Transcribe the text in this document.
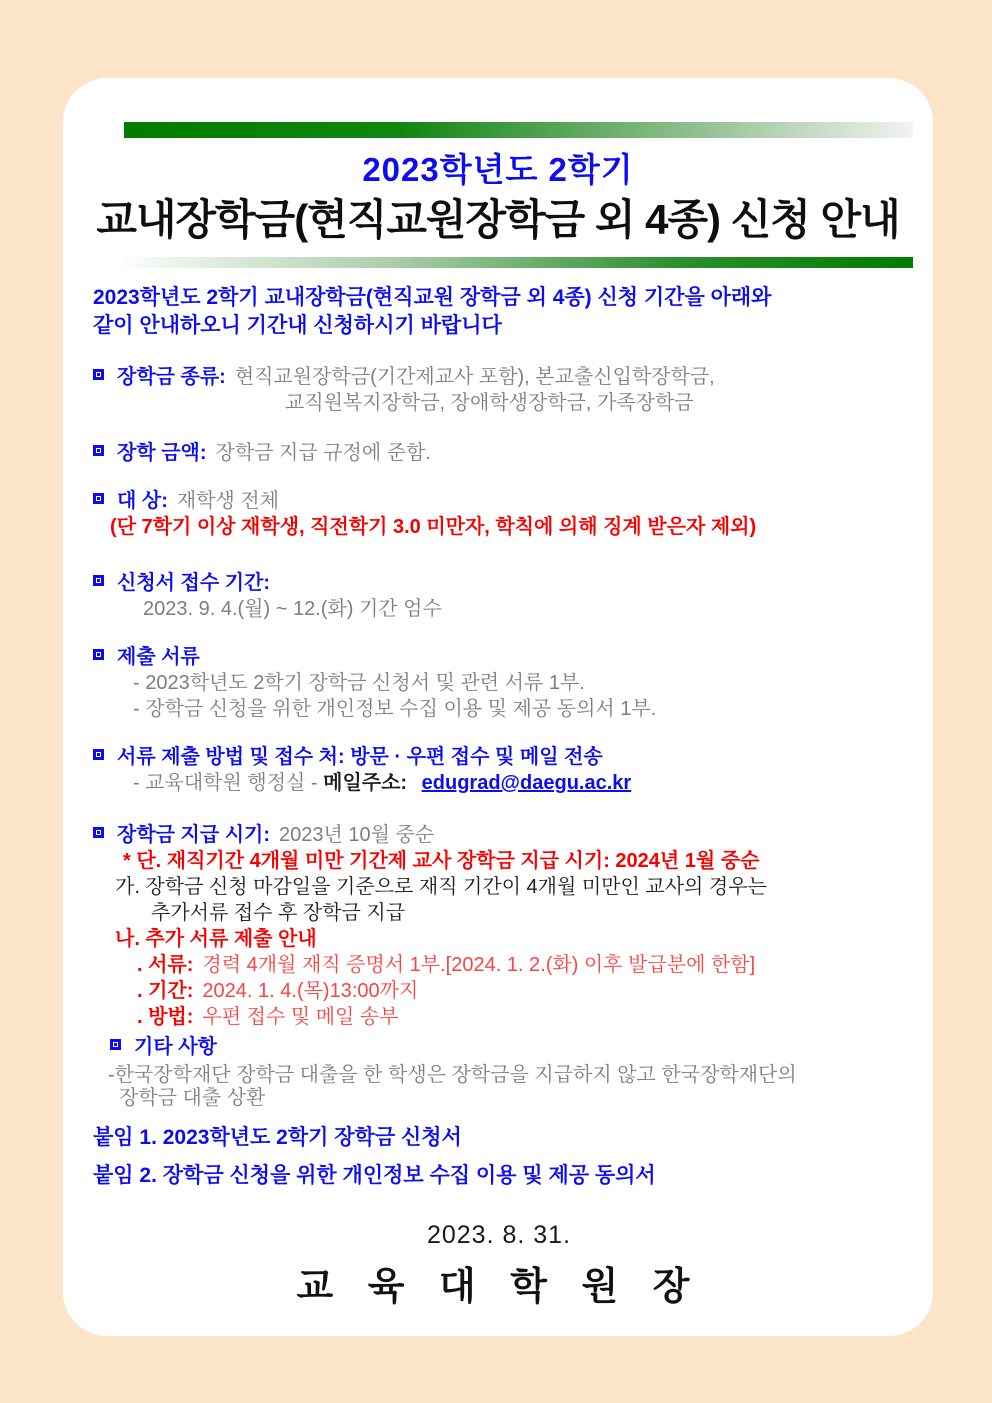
2023학년도 2학기
교내장학금(현직교원장학금 외 4종) 신청 안내
2023학년도 2학기 교내장학금(현직교원 장학금 외 4종) 신청 기간을 아래와
같이 안내하오니 기간내 신청하시기 바랍니다
장학금 종류: 현직교원장학금(기간제교사 포함), 본교출신입학장학금,
교직원복지장학금, 장애학생장학금, 가족장학금
장학 금액: 장학금 지급 규정에 준함.
대 상: 재학생 전체
(단 7학기 이상 재학생, 직전학기 3.0 미만자, 학칙에 의해 징계 받은자 제외)
신청서 접수 기간:
2023. 9. 4.(월) ~ 12.(화) 기간 엄수
제출 서류
- 2023학년도 2학기 장학금 신청서 및 관련 서류 1부.
- 장학금 신청을 위한 개인정보 수집 이용 및 제공 동의서 1부.
서류 제출 방법 및 접수 처: 방문 · 우편 접수 및 메일 전송
- 교육대학원 행정실 - 메일주소: edugrad@daegu.ac.kr
장학금 지급 시기: 2023년 10월 중순
* 단. 재직기간 4개월 미만 기간제 교사 장학금 지급 시기: 2024년 1월 중순
가. 장학금 신청 마감일을 기준으로 재직 기간이 4개월 미만인 교사의 경우는
추가서류 접수 후 장학금 지급
나. 추가 서류 제출 안내
. 서류: 경력 4개월 재직 증명서 1부.[2024. 1. 2.(화) 이후 발급분에 한함]
. 기간: 2024. 1. 4.(목)13:00까지
. 방법: 우편 접수 및 메일 송부
기타 사항
-한국장학재단 장학금 대출을 한 학생은 장학금을 지급하지 않고 한국장학재단의
장학금 대출 상환
붙임 1. 2023학년도 2학기 장학금 신청서
붙임 2. 장학금 신청을 위한 개인정보 수집 이용 및 제공 동의서
2023. 8. 31.
교 육 대 학 원 장
